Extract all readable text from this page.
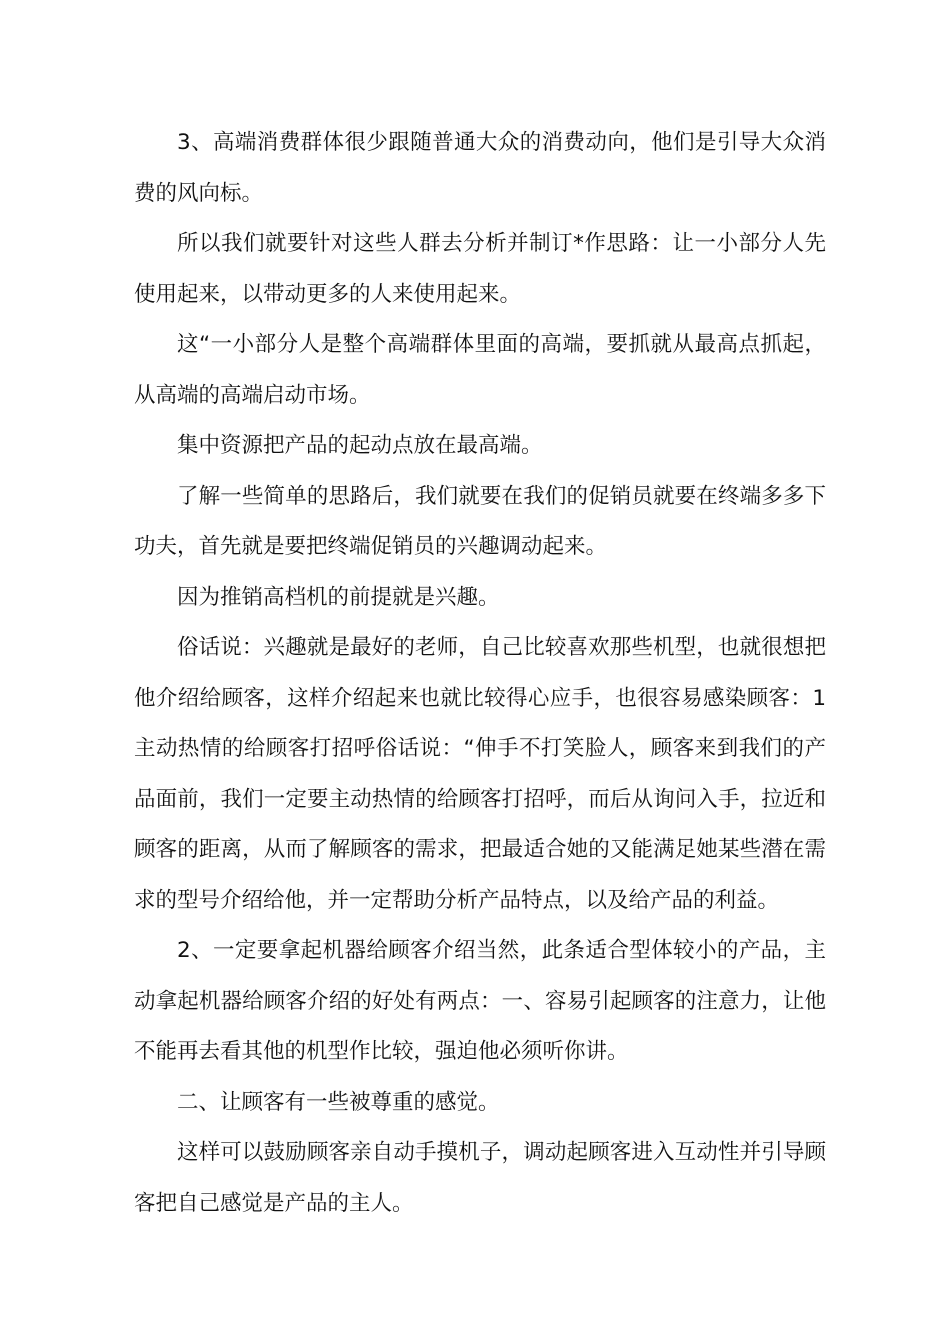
3、高端消费群体很少跟随普通大众的消费动向，他们是引导大众消费的风向标。

所以我们就要针对这些人群去分析并制订*作思路：让一小部分人先使用起来，以带动更多的人来使用起来。

这“一小部分人是整个高端群体里面的高端，要抓就从最高点抓起，从高端的高端启动市场。

集中资源把产品的起动点放在最高端。

了解一些简单的思路后，我们就要在我们的促销员就要在终端多多下功夫，首先就是要把终端促销员的兴趣调动起来。

因为推销高档机的前提就是兴趣。

俗话说：兴趣就是最好的老师，自己比较喜欢那些机型，也就很想把他介绍给顾客，这样介绍起来也就比较得心应手，也很容易感染顾客：1主动热情的给顾客打招呼俗话说：“伸手不打笑脸人，顾客来到我们的产品面前，我们一定要主动热情的给顾客打招呼，而后从询问入手，拉近和顾客的距离，从而了解顾客的需求，把最适合她的又能满足她某些潜在需求的型号介绍给他，并一定帮助分析产品特点，以及给产品的利益。

2、一定要拿起机器给顾客介绍当然，此条适合型体较小的产品，主动拿起机器给顾客介绍的好处有两点：一、容易引起顾客的注意力，让他不能再去看其他的机型作比较，强迫他必须听你讲。

二、让顾客有一些被尊重的感觉。

这样可以鼓励顾客亲自动手摸机子，调动起顾客进入互动性并引导顾客把自己感觉是产品的主人。
